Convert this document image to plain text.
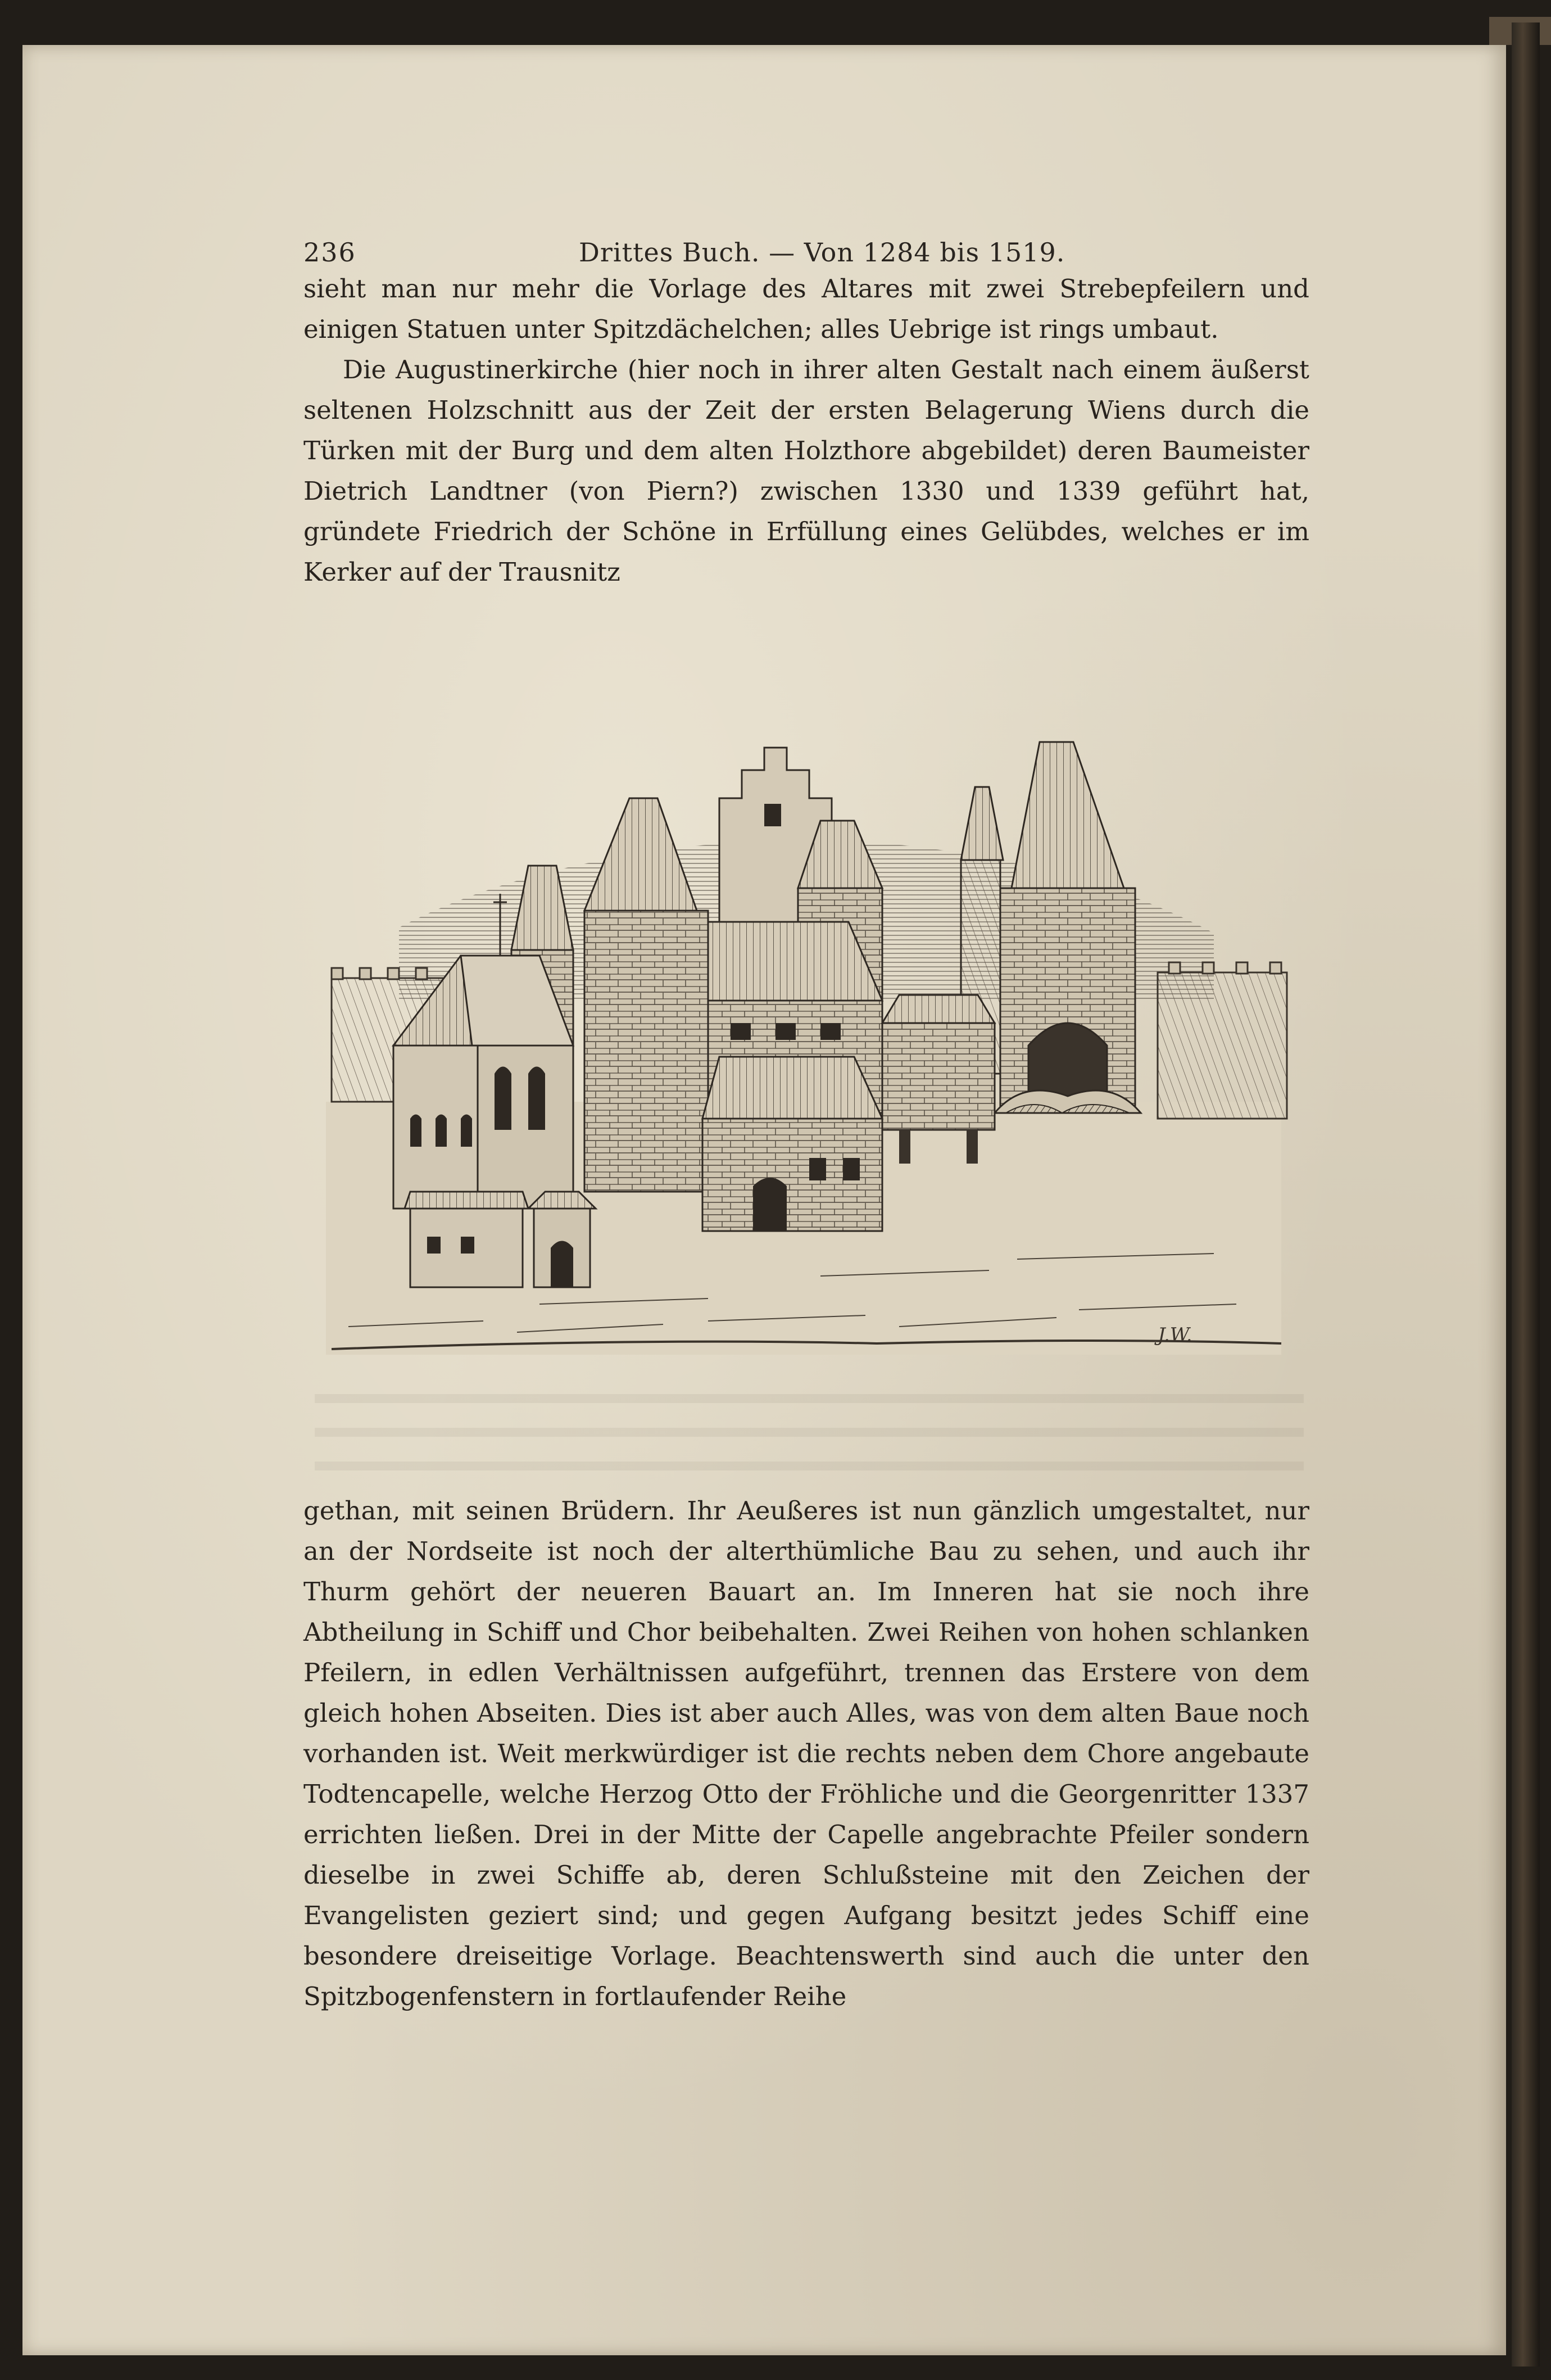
236	Drittes Buch. — Von 1284 bis 1519.

sieht man nur mehr die Vorlage des Altares mit zwei Strebepfeilern und einigen Statuen unter Spitzdächelchen; alles Uebrige ist rings umbaut.

Die Augustinerkirche (hier noch in ihrer alten Gestalt nach einem äußerst seltenen Holzschnitt aus der Zeit der ersten Belagerung Wiens durch die Türken mit der Burg und dem alten Holzthore abgebildet) deren Baumeister Dietrich Landtner (von Piern?) zwischen 1330 und 1339 geführt hat, gründete Friedrich der Schöne in Erfüllung eines Gelübdes, welches er im Kerker auf der Trausnitz

J.W.

gethan, mit seinen Brüdern. Ihr Aeußeres ist nun gänzlich umgestaltet, nur an der Nordseite ist noch der alterthümliche Bau zu sehen, und auch ihr Thurm gehört der neueren Bauart an. Im Inneren hat sie noch ihre Abtheilung in Schiff und Chor beibehalten. Zwei Reihen von hohen schlanken Pfeilern, in edlen Verhältnissen aufgeführt, trennen das Erstere von dem gleich hohen Abseiten. Dies ist aber auch Alles, was von dem alten Baue noch vorhanden ist. Weit merkwürdiger ist die rechts neben dem Chore angebaute Todtencapelle, welche Herzog Otto der Fröhliche und die Georgenritter 1337 errichten ließen. Drei in der Mitte der Capelle angebrachte Pfeiler sondern dieselbe in zwei Schiffe ab, deren Schlußsteine mit den Zeichen der Evangelisten geziert sind; und gegen Aufgang besitzt jedes Schiff eine besondere dreiseitige Vorlage. Beachtenswerth sind auch die unter den Spitzbogenfenstern in fortlaufender Reihe
